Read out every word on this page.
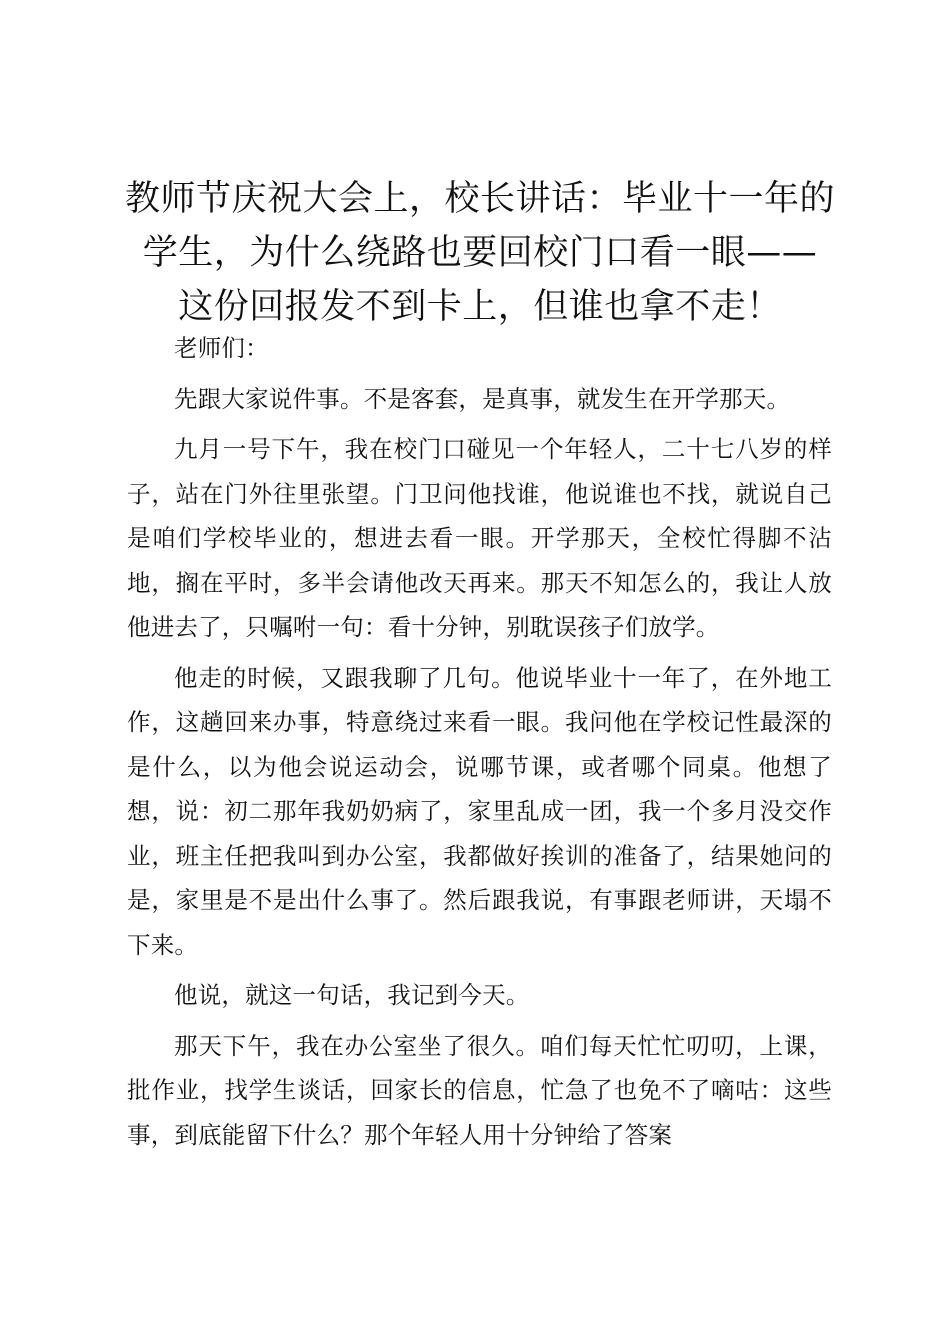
教师节庆祝大会上，校长讲话：毕业十一年的
学生，为什么绕路也要回校门口看一眼——
这份回报发不到卡上，但谁也拿不走！

老师们：

先跟大家说件事。不是客套，是真事，就发生在开学那天。

九月一号下午，我在校门口碰见一个年轻人，二十七八岁的样子，站在门外往里张望。门卫问他找谁，他说谁也不找，就说自己是咱们学校毕业的，想进去看一眼。开学那天，全校忙得脚不沾地，搁在平时，多半会请他改天再来。那天不知怎么的，我让人放他进去了，只嘱咐一句：看十分钟，别耽误孩子们放学。

他走的时候，又跟我聊了几句。他说毕业十一年了，在外地工作，这趟回来办事，特意绕过来看一眼。我问他在学校记性最深的是什么，以为他会说运动会，说哪节课，或者哪个同桌。他想了想，说：初二那年我奶奶病了，家里乱成一团，我一个多月没交作业，班主任把我叫到办公室，我都做好挨训的准备了，结果她问的是，家里是不是出什么事了。然后跟我说，有事跟老师讲，天塌不下来。

他说，就这一句话，我记到今天。

那天下午，我在办公室坐了很久。咱们每天忙忙叨叨，上课，批作业，找学生谈话，回家长的信息，忙急了也免不了嘀咕：这些事，到底能留下什么？那个年轻人用十分钟给了答案
